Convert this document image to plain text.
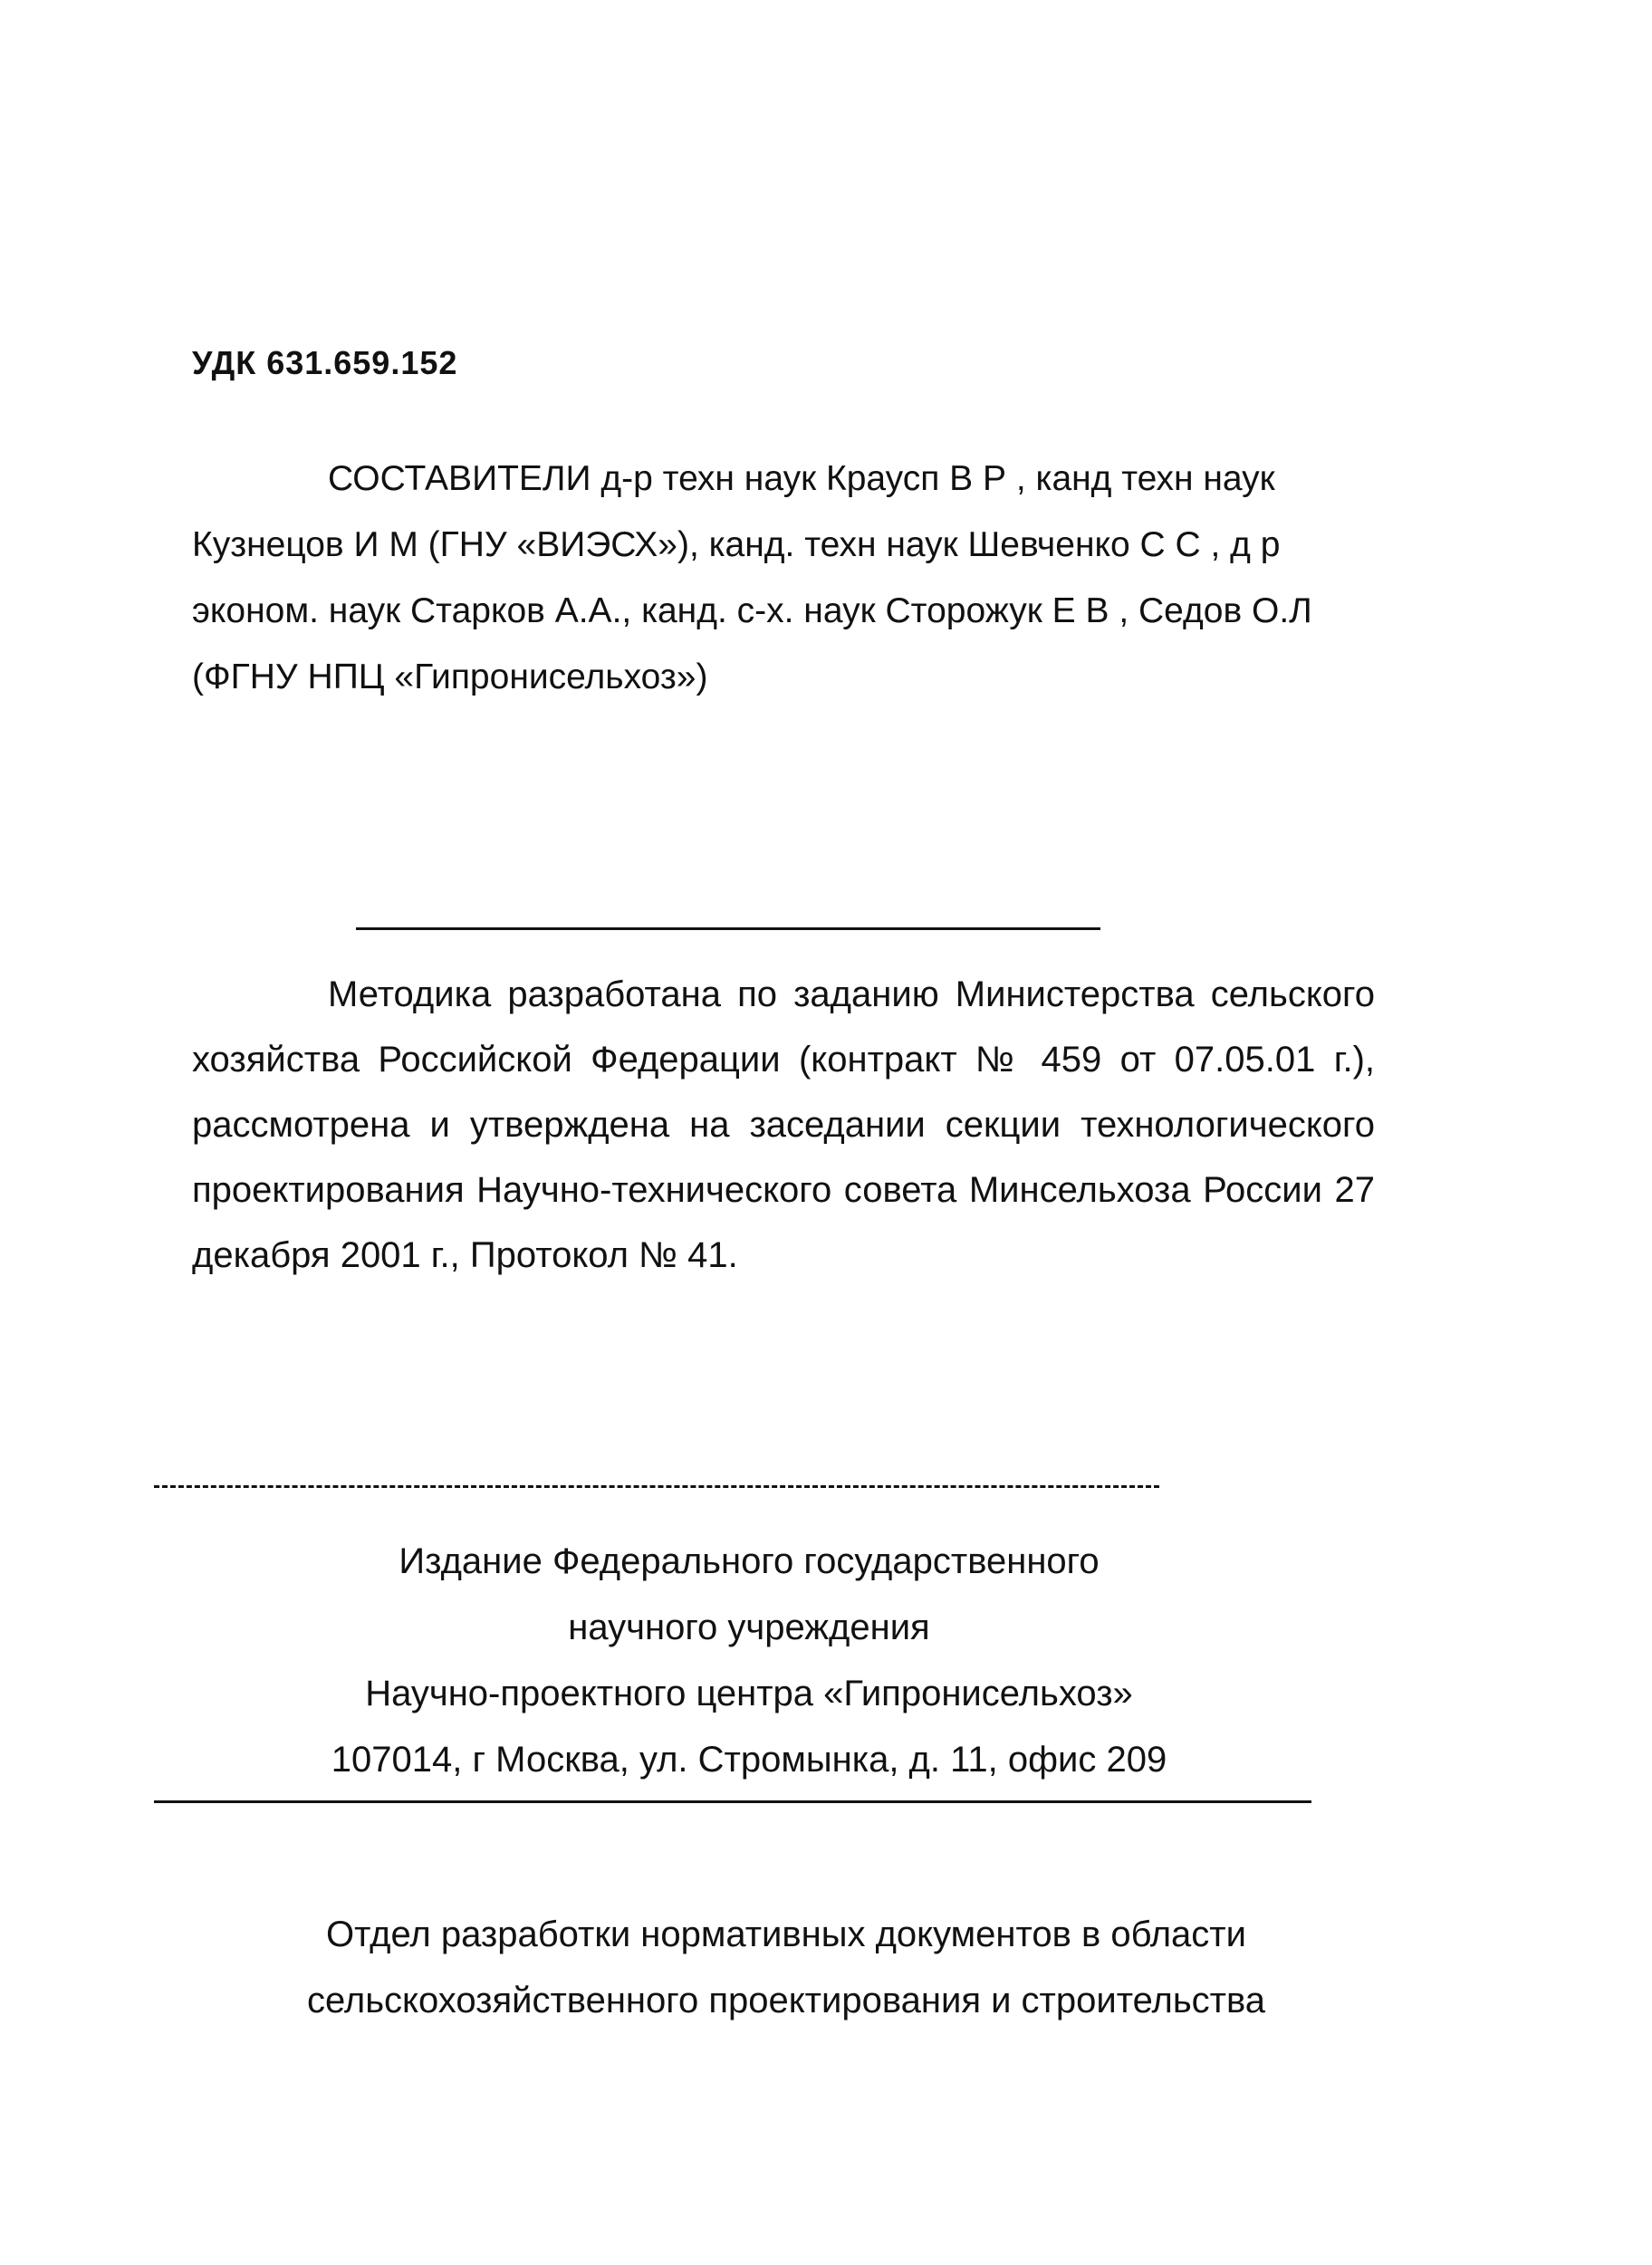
УДК 631.659.152

СОСТАВИТЕЛИ д-р техн наук Краусп В Р , канд техн наук Кузнецов И М (ГНУ «ВИЭСХ»), канд. техн наук Шевченко С С , д р эконом. наук Старков А.А., канд. с-х. наук Сторожук Е В , Седов О.Л (ФГНУ НПЦ «Гипронисельхоз»)

Методика разработана по заданию Министерства сельского хозяйства Российской Федерации (контракт № 459 от 07.05.01 г.), рассмотрена и утверждена на заседании секции технологического проектирования Научно-технического совета Минсельхоза России 27 декабря 2001 г., Протокол № 41.

Издание Федерального государственного
научного учреждения
Научно-проектного центра «Гипронисельхоз»
107014, г Москва, ул. Стромынка, д. 11, офис 209
Отдел разработки нормативных документов в области
сельскохозяйственного проектирования и строительства
